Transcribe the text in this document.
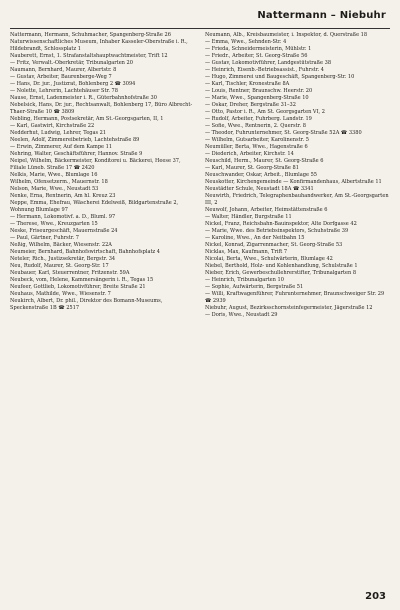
Nattermann – Niebuhr

Nattermann, Hermann, Schuhmacher, Spangenberg-Straße 26

Naturwissenschaftliches Museum, Inhaber Kasseler-Oberstraße i. R., Hildebrandt, Schlossplatz 1

Nauberett, Ernst, 1. Strafanstaltshauptwachtmeister, Trift 12

— Fritz, Verwalt.-Oberkretär, Tribunalgarten 20

Naumann, Bernhard, Maurer, Albertstr. 8

— Gustav, Arbeiter, Baurenberge-Weg 7

— Hans, Dr. jur., Justizrat, Bohlenberg 2 ☎ 3094

— Nolette, Lehrerin, Lachtehäuser Str. 78

Nause, Ernst, Ladenmeister i. R., Güterbahnhofstraße 30

Nebelsick, Hans, Dr. jur., Rechtsanwalt, Bohlenberg 17, Büro Albrecht-Thaer-Straße 10 ☎ 3809

Nebling, Hermann, Postsekretär, Am St.-Georgsgarten, II, 1

— Karl, Gastwirt, Kirchstraße 22

Nedderhut, Ludwig, Lehrer, Tegas 21

Neelen, Adolf, Zimmereibetrieb, Lachtehstraße 89

— Erwin, Zimmerer, Auf dem Kampe 11

Nehring, Walter, Geschäftsführer, Hannov. Straße 9

Neipel, Wilhelm, Bäckermeister, Konditorei u. Bäckerei, Heese 37, Filiale Lüneb. Straße 17 ☎ 2420

Nelkis, Marie, Wwe., Blumlage 16

Wilhelm, Ofensetzerm., Mauernstr. 18

Nelson, Marie, Wwe., Neustadt 53

Nenke, Erna, Rentnerin, Am hl. Kreuz 23

Neppe, Emma, Ehefrau, Wäscherei Edelweiß, Bildgartenstraße 2, Wohnung Blumlage 97

— Hermann, Lokomotivf. a. D., Bluml. 97

— Therese, Wwe., Kreuzgarten 15

Neske, Friseurgeschäft, Mauernstraße 24

— Paul, Gärtner, Fuhrstr. 7

Neßig, Wilhelm, Bäcker, Wiesenstr. 22A

Neumeier, Bernhard, Bahnhofswirtschaft, Bahnhofsplatz 4

Neteler, Rich., Justizsekretär, Bergstr. 34

Neu, Rudolf, Maurer, St. Georg-Str. 17

Neubauer, Karl, Steuerrentner, Fritzenstr. 59A

Neubeck, vom, Helene, Kammersängerin i. R., Tegas 15

Neufeer, Gottlieb, Lokomotivführer, Breite Straße 21

Neuhaus, Mathilde, Wwe., Wiesenstr. 7

Neukirch, Albert, Dr. phil., Direktor des Bomann-Museums, Speckenstraße 1B ☎ 2517

Neumann, Alb., Kreisbaumeister, i. Inspektor, d. Querstraße 18

— Emma, Wwe., Sehnden-Str. 4

— Frieda, Schneidermeisterin, Mühlstr. 1

— Friedr., Arbeiter, St. Georg-Straße 56

— Gustav, Lokomotivführer, Landgestütstraße 38

— Heinrich, Eisenb.-Betriebsassist., Fuhrstr. 4

— Hugo, Zimmerei und Baugeschäft, Spangenberg-Str. 10

— Karl, Tischler, Kronestraße 8A

— Louis, Rentner, Braunschw. Heerstr. 20

— Marie, Wwe., Spangenberg-Straße 10

— Oskar, Dreher, Bergstraße 31–32

— Otto, Pastor i. R., Am St. Georgsgarten VI, 2

— Rudolf, Arbeiter, Fuhrberg. Landstr. 19

— Sofie, Wwe., Rentnerin, 2. Querstr. 8

— Theodor, Fuhrunternehmer, St. Georg-Straße 52A ☎ 3380

— Wilhelm, Gutsarbeiter, Karolinenstr. 5

Neumüller, Berta, Wwe., Hagenstraße 6

— Diederich, Arbeiter, Kirchstr. 14

Neuschild, Herm., Maurer, St. Georg-Straße 6

— Karl, Maurer, St. Georg-Straße 81

Neuschwander, Oskar, Arbeit., Blumlage 55

Neuskotter, Kirchengemeinde — Konfirmandenhaus, Albertstraße 11

Neustädter Schule, Neustadt 18A ☎ 3341

Neuwirth, Friedrich, Telegraphenbauhandwerker, Am St.-Georgsgarten III, 2

Neuwolf, Johann, Arbeiter, Heimstättenstraße 6

— Walter, Händler, Burgstraße 11

Nickel, Franz, Reichsbahn-Bauinspektor, Alte Dorfgasse 42

— Marie, Wwe. des Betriebsinspektors, Schuhstraße 39

— Karoline, Wwe., An der Neitbahn 15

Nickel, Konrad, Zigarrenmacher, St. Georg-Straße 53

Nicklas, Max, Kaufmann, Trift 7

Nicolai, Berta, Wwe., Schulwärterin, Blumlage 42

Niebel, Berthold, Holz- und Kohlenhandlung, Schulstraße 1

Nieber, Erich, Gewerbeschullehrerstifter, Tribunalgarten 8

— Heinrich, Tribunalgarten 10

— Sophie, Aufwärterin, Bergstraße 51

— Willi, Kraftwagenführer, Fuhrunternehmer, Braunschweiger Str. 29 ☎ 2939

Niebuhr, August, Bezirksschornsteinfegermeister, Jägerstraße 12

— Doris, Wwe., Neustadt 29

203
